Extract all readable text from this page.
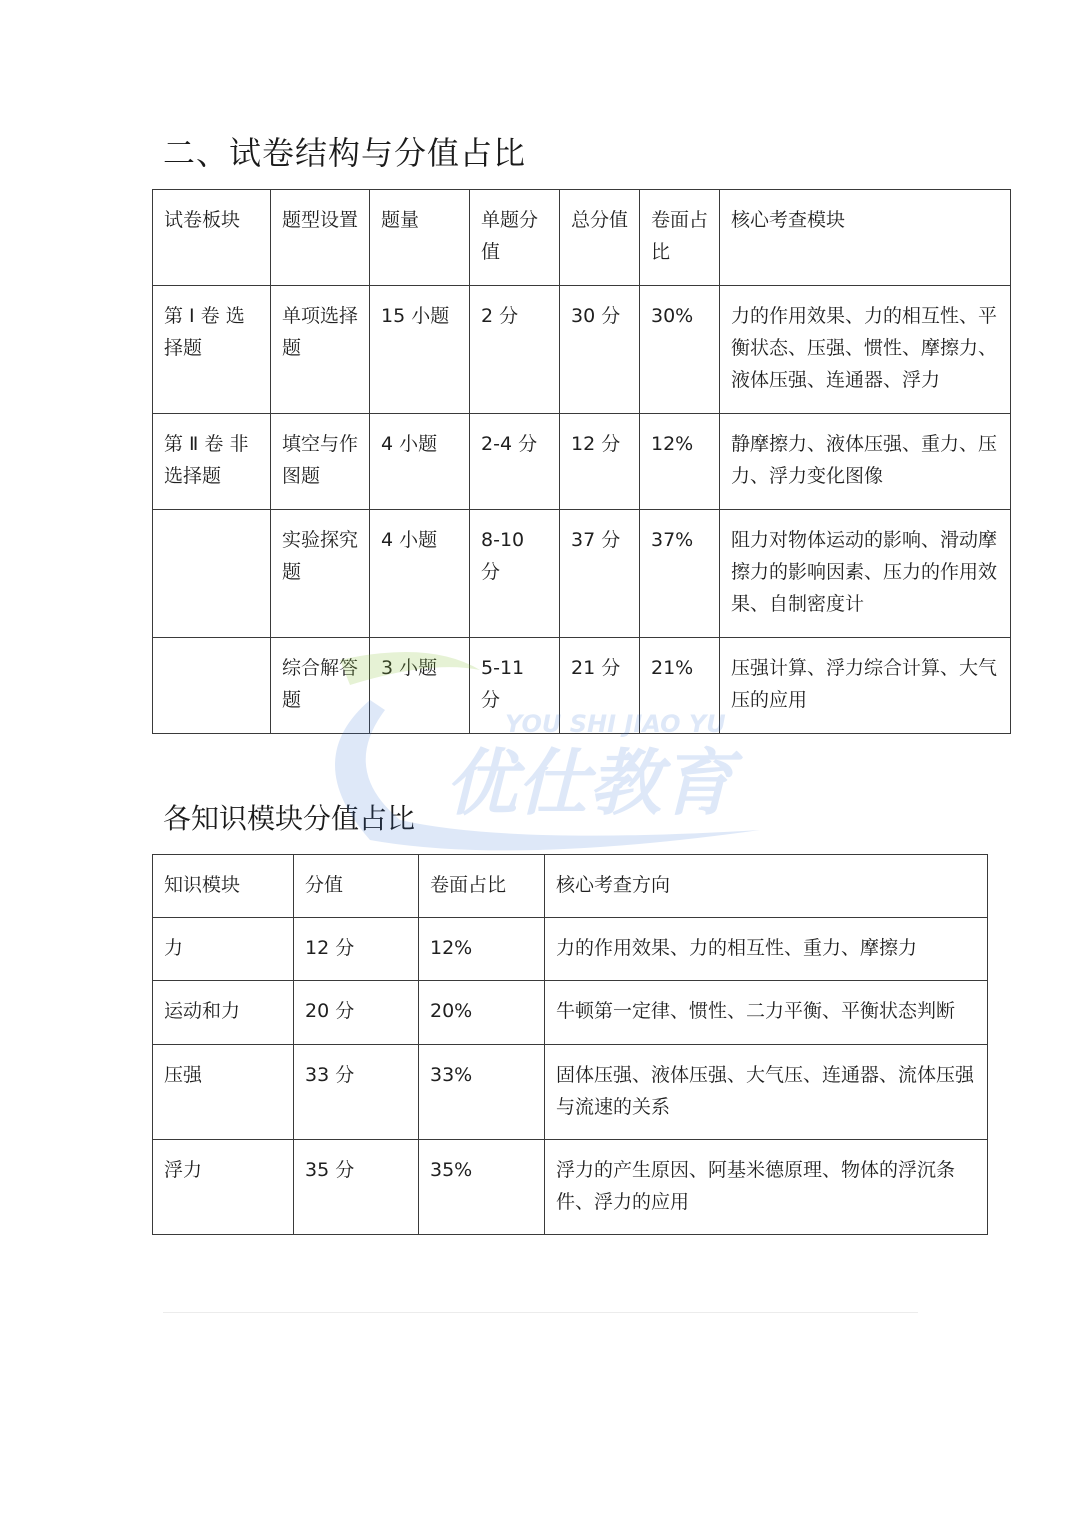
二、试卷结构与分值占比
试卷板块	题型设置	题量	单题分值	总分值	卷面占比	核心考查模块
第 Ⅰ 卷 选择题	单项选择题	15 小题	2 分	30 分	30%	力的作用效果、力的相互性、平衡状态、压强、惯性、摩擦力、液体压强、连通器、浮力
第 Ⅱ 卷 非选择题	填空与作图题	4 小题	2-4 分	12 分	12%	静摩擦力、液体压强、重力、压力、浮力变化图像
	实验探究题	4 小题	8-10 分	37 分	37%	阻力对物体运动的影响、滑动摩擦力的影响因素、压力的作用效果、自制密度计
	综合解答题	3 小题	5-11 分	21 分	21%	压强计算、浮力综合计算、大气压的应用
各知识模块分值占比
知识模块	分值	卷面占比	核心考查方向
力	12 分	12%	力的作用效果、力的相互性、重力、摩擦力
运动和力	20 分	20%	牛顿第一定律、惯性、二力平衡、平衡状态判断
压强	33 分	33%	固体压强、液体压强、大气压、连通器、流体压强与流速的关系
浮力	35 分	35%	浮力的产生原因、阿基米德原理、物体的浮沉条件、浮力的应用
YOU SHI JIAO YU
优仕教育
